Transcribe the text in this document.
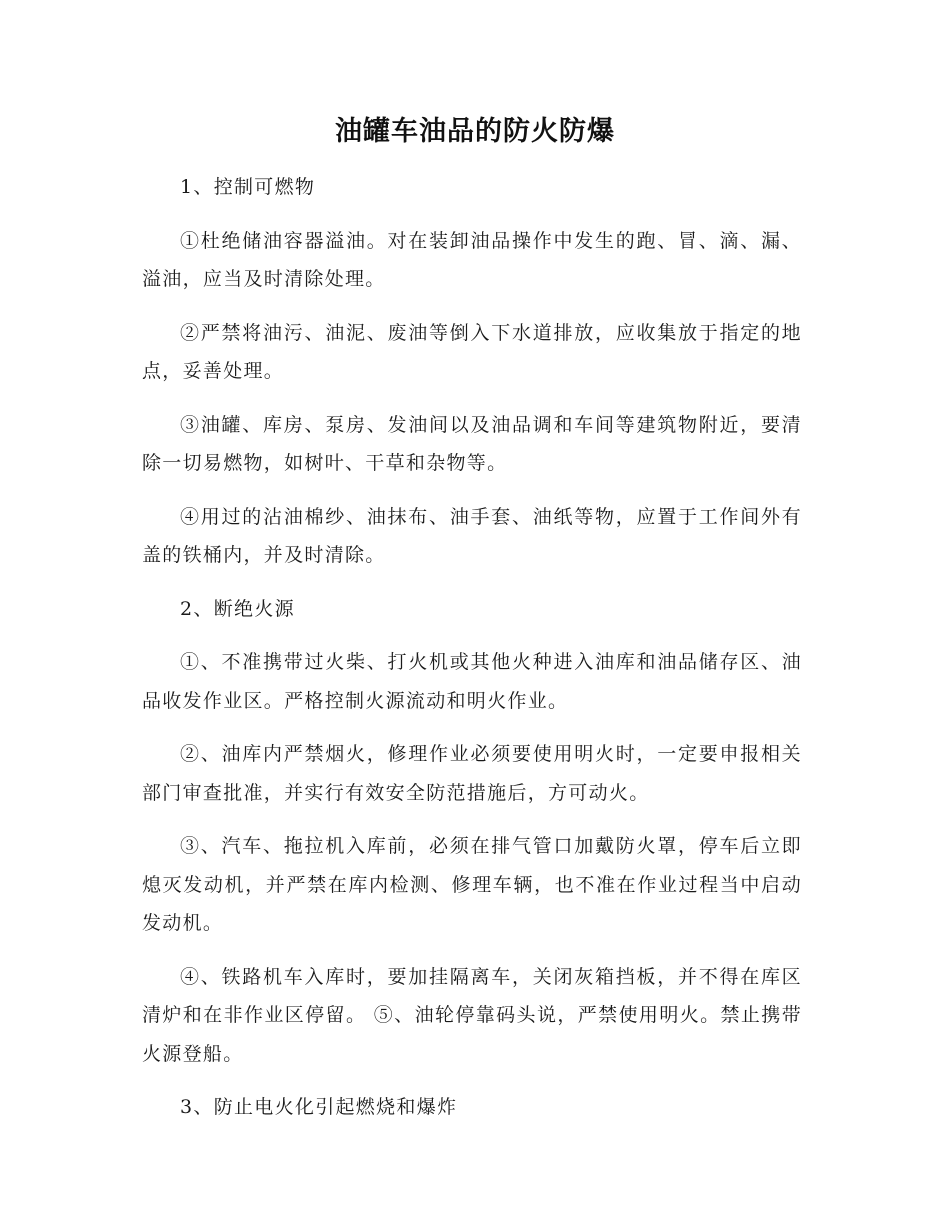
油罐车油品的防火防爆
1、控制可燃物
①杜绝储油容器溢油。对在装卸油品操作中发生的跑、冒、滴、漏、溢油，应当及时清除处理。
②严禁将油污、油泥、废油等倒入下水道排放，应收集放于指定的地点，妥善处理。
③油罐、库房、泵房、发油间以及油品调和车间等建筑物附近，要清除一切易燃物，如树叶、干草和杂物等。
④用过的沾油棉纱、油抹布、油手套、油纸等物，应置于工作间外有盖的铁桶内，并及时清除。
2、断绝火源
①、不准携带过火柴、打火机或其他火种进入油库和油品储存区、油品收发作业区。严格控制火源流动和明火作业。
②、油库内严禁烟火，修理作业必须要使用明火时，一定要申报相关部门审查批准，并实行有效安全防范措施后，方可动火。
③、汽车、拖拉机入库前，必须在排气管口加戴防火罩，停车后立即熄灭发动机，并严禁在库内检测、修理车辆，也不准在作业过程当中启动发动机。
④、铁路机车入库时，要加挂隔离车，关闭灰箱挡板，并不得在库区清炉和在非作业区停留。 ⑤、油轮停靠码头说，严禁使用明火。禁止携带火源登船。
3、防止电火化引起燃烧和爆炸
